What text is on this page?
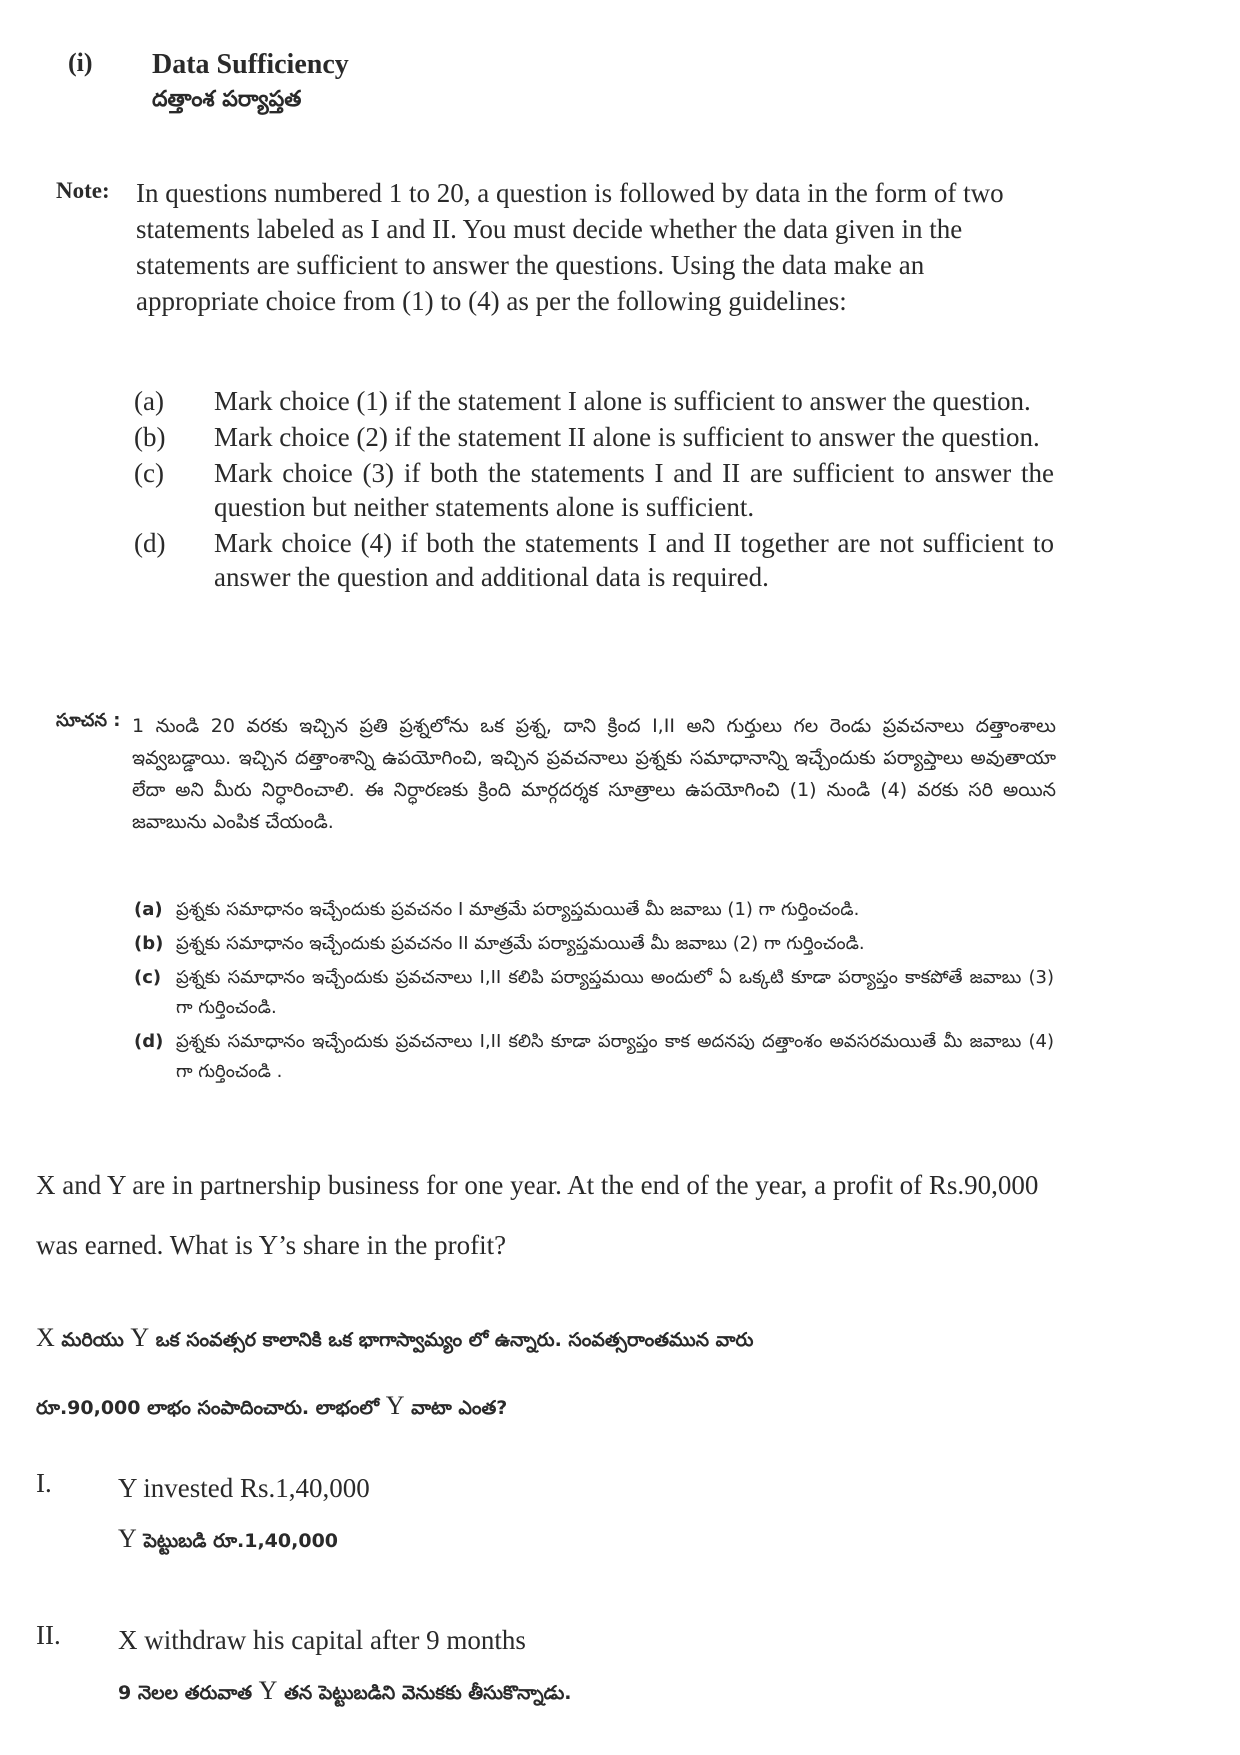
(i) Data Sufficiency
దత్తాంశ పర్యాప్తత
Note: In questions numbered 1 to 20, a question is followed by data in the form of two statements labeled as I and II. You must decide whether the data given in the statements are sufficient to answer the questions. Using the data make an appropriate choice from (1) to (4) as per the following guidelines:
(a)	Mark choice (1) if the statement I alone is sufficient to answer the question.
(b)	Mark choice (2) if the statement II alone is sufficient to answer the question.
(c)	Mark choice (3) if both the statements I and II are sufficient to answer the question but neither statements alone is sufficient.
(d)	Mark choice (4) if both the statements I and II together are not sufficient to answer the question and additional data is required.
సూచన : 1 నుండి 20 వరకు ఇచ్చిన ప్రతి ప్రశ్నలోను ఒక ప్రశ్న, దాని క్రింద I,II అని గుర్తులు గల రెండు ప్రవచనాలు దత్తాంశాలు ఇవ్వబడ్డాయి. ఇచ్చిన దత్తాంశాన్ని ఉపయోగించి, ఇచ్చిన ప్రవచనాలు ప్రశ్నకు సమాధానాన్ని ఇచ్చేందుకు పర్యాప్తాలు అవుతాయా లేదా అని మీరు నిర్ధారించాలి. ఈ నిర్ధారణకు క్రింది మార్గదర్శక సూత్రాలు ఉపయోగించి (1) నుండి (4) వరకు సరి అయిన జవాబును ఎంపిక చేయండి.
(a) ప్రశ్నకు సమాధానం ఇచ్చేందుకు ప్రవచనం I మాత్రమే పర్యాప్తమయితే మీ జవాబు (1) గా గుర్తించండి.
(b) ప్రశ్నకు సమాధానం ఇచ్చేందుకు ప్రవచనం II మాత్రమే పర్యాప్తమయితే మీ జవాబు (2) గా గుర్తించండి.
(c) ప్రశ్నకు సమాధానం ఇచ్చేందుకు ప్రవచనాలు I,II కలిపి పర్యాప్తమయి అందులో ఏ ఒక్కటి కూడా పర్యాప్తం కాకపోతే జవాబు (3) గా గుర్తించండి.
(d) ప్రశ్నకు సమాధానం ఇచ్చేందుకు ప్రవచనాలు I,II కలిసి కూడా పర్యాప్తం కాక అదనపు దత్తాంశం అవసరమయితే మీ జవాబు (4) గా గుర్తించండి .
X and Y are in partnership business for one year. At the end of the year, a profit of Rs.90,000 was earned. What is Y’s share in the profit?
X మరియు Y ఒక సంవత్సర కాలానికి ఒక భాగాస్వామ్యం లో ఉన్నారు. సంవత్సరాంతమున వారు
రూ.90,000 లాభం సంపాదించారు. లాభంలో Y వాటా ఎంత?
I. Y invested Rs.1,40,000
Y పెట్టుబడి రూ.1,40,000
II. X withdraw his capital after 9 months
9 నెలల తరువాత Y తన పెట్టుబడిని వెనుకకు తీసుకొన్నాడు.
